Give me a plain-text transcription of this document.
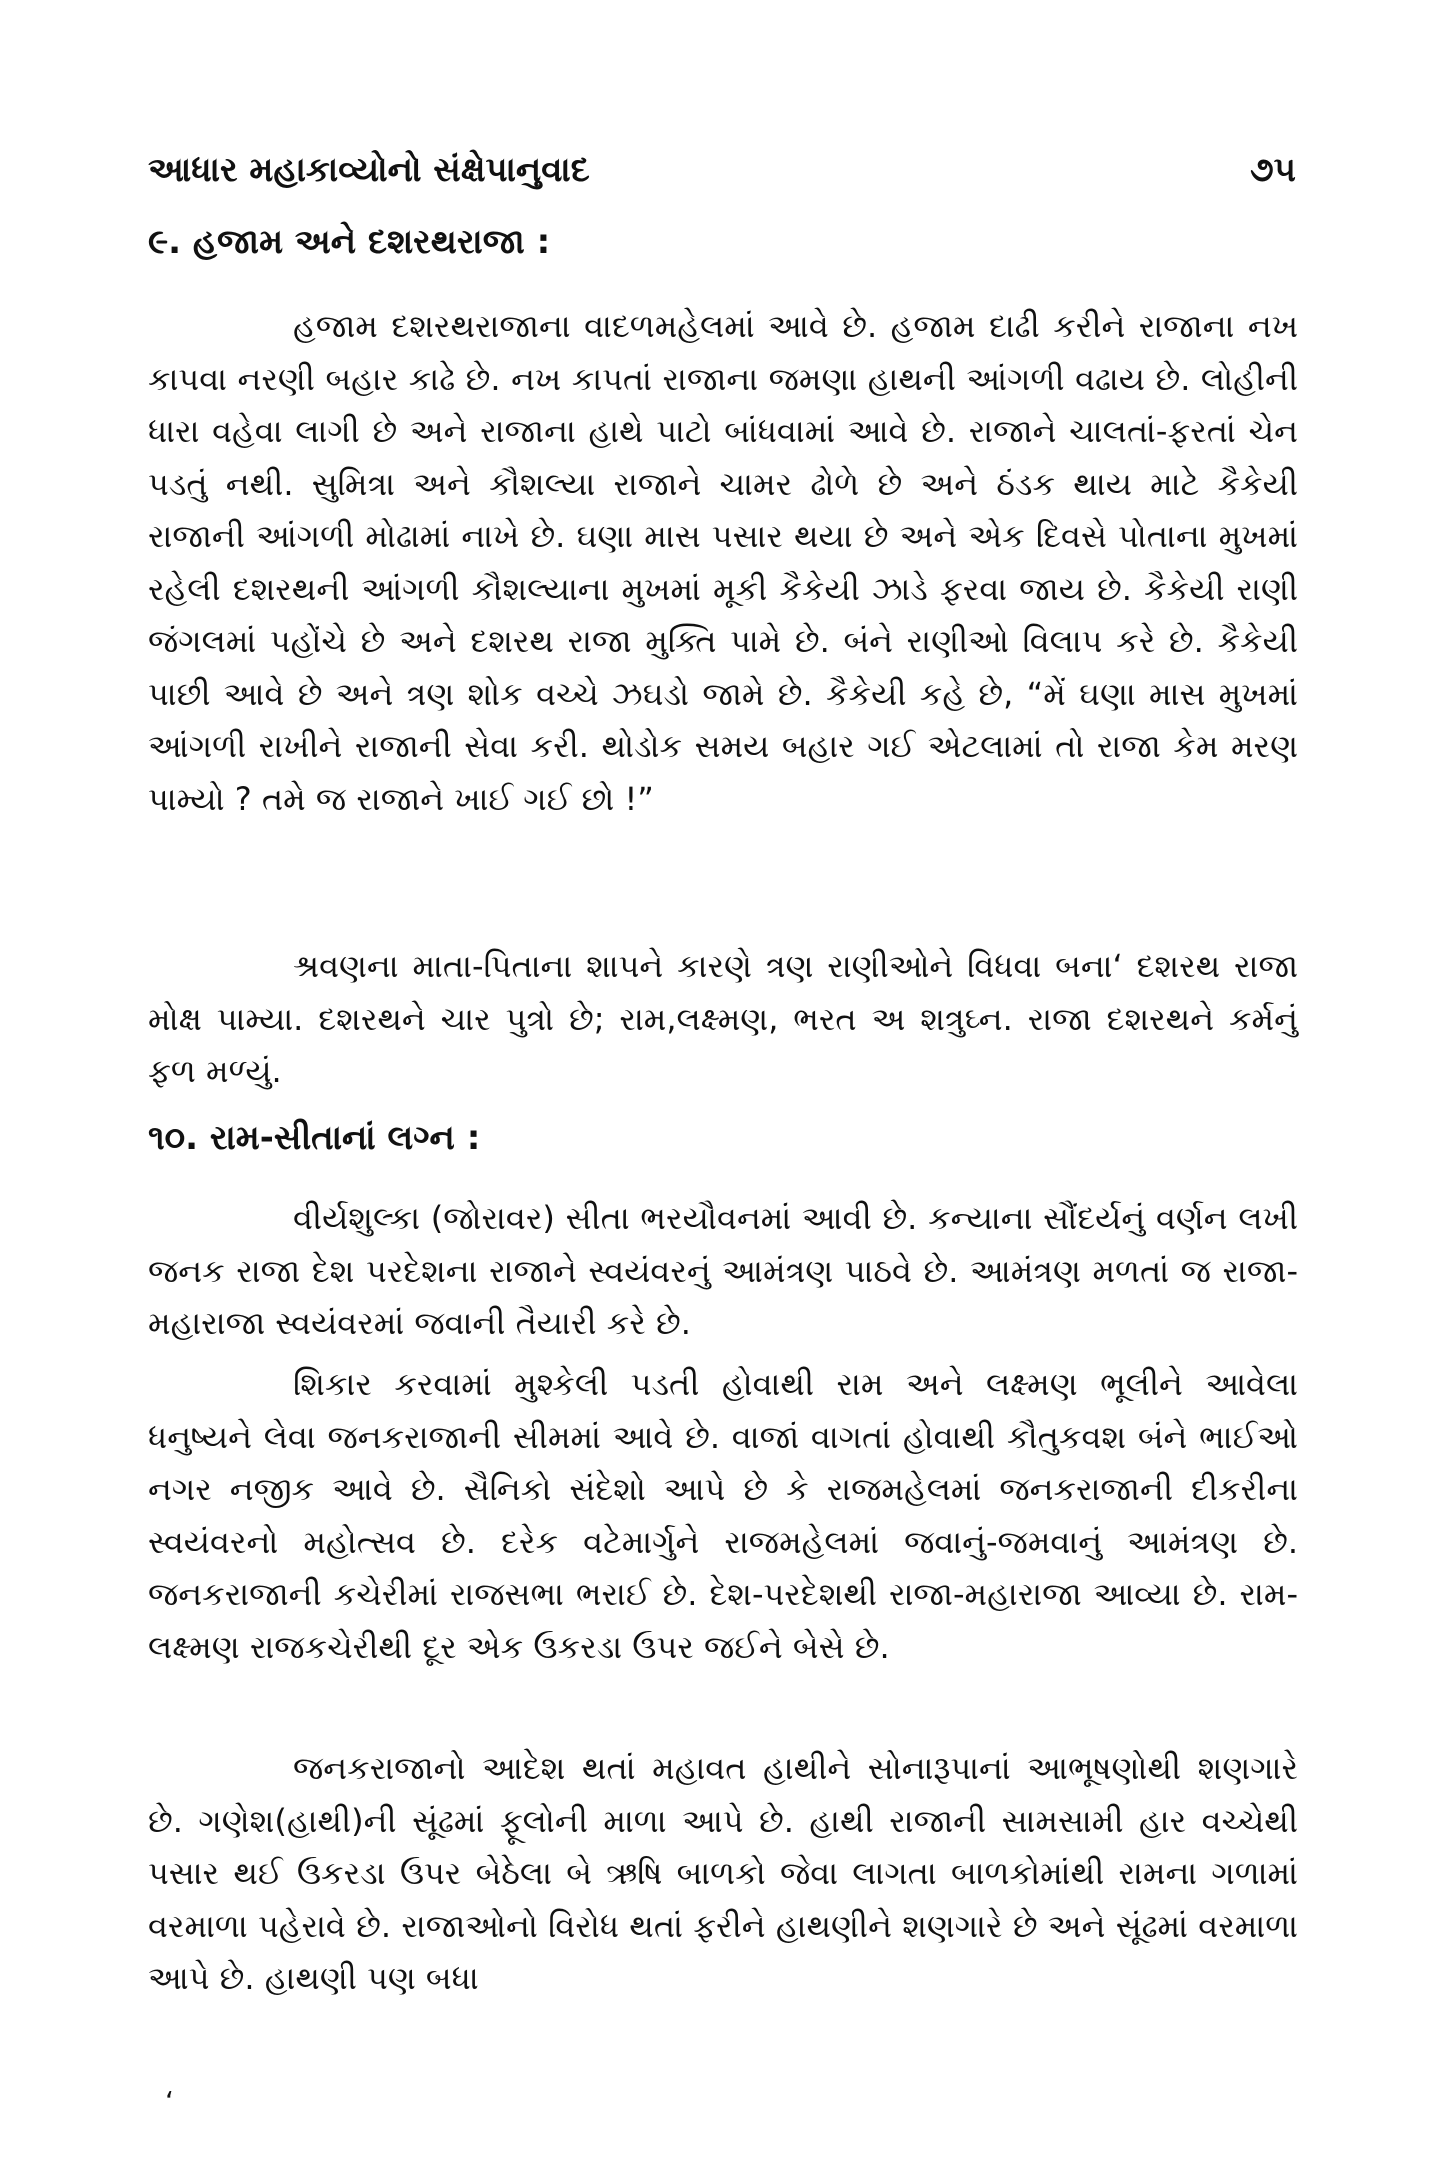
આધાર મહાકાવ્યોનો સંક્ષેપાનુવાદ	૭૫
૯. હજામ અને દશરથરાજા :

હજામ દશરથરાજાના વાદળમહેલમાં આવે છે. હજામ દાઢી કરીને રાજાના નખ કાપવા નરણી બહાર કાઢે છે. નખ કાપતાં રાજાના જમણા હાથની આંગળી વઢાય છે. લોહીની ધારા વહેવા લાગી છે અને રાજાના હાથે પાટો બાંધવામાં આવે છે. રાજાને ચાલતાં-ફરતાં ચેન પડતું નથી. સુમિત્રા અને કૌશલ્યા રાજાને ચામર ઢોળે છે અને ઠંડક થાય માટે કૈકેયી રાજાની આંગળી મોઢામાં નાખે છે. ઘણા માસ પસાર થયા છે અને એક દિવસે પોતાના મુખમાં રહેલી દશરથની આંગળી કૌશલ્યાના મુખમાં મૂકી કૈકેયી ઝાડે ફરવા જાય છે. કૈકેયી રાણી જંગલમાં પહોંચે છે અને દશરથ રાજા મુક્તિ પામે છે. બંને રાણીઓ વિલાપ કરે છે. કૈકેયી પાછી આવે છે અને ત્રણ શોક વચ્ચે ઝઘડો જામે છે. કૈકેયી કહે છે, “મેં ઘણા માસ મુખમાં આંગળી રાખીને રાજાની સેવા કરી. થોડોક સમય બહાર ગઈ એટલામાં તો રાજા કેમ મરણ પામ્યો ? તમે જ રાજાને ખાઈ ગઈ છો !”

શ્રવણના માતા-પિતાના શાપને કારણે ત્રણ રાણીઓને વિધવા બના‘ દશરથ રાજા મોક્ષ પામ્યા. દશરથને ચાર પુત્રો છે; રામ,લક્ષ્મણ, ભરત અ શત્રુઘ્ન. રાજા દશરથને કર્મનું ફળ મળ્યું.

૧૦. રામ-સીતાનાં લગ્ન :

વીર્યશુલ્કા (જોરાવર) સીતા ભરયૌવનમાં આવી છે. કન્યાના સૌંદર્યનું વર્ણન લખી જનક રાજા દેશ પરદેશના રાજાને સ્વયંવરનું આમંત્રણ પાઠવે છે. આમંત્રણ મળતાં જ રાજા-મહારાજા સ્વયંવરમાં જવાની તૈયારી કરે છે.

શિકાર કરવામાં મુશ્કેલી પડતી હોવાથી રામ અને લક્ષ્મણ ભૂલીને આવેલા ધનુષ્યને લેવા જનકરાજાની સીમમાં આવે છે. વાજાં વાગતાં હોવાથી કૌતુકવશ બંને ભાઈઓ નગર નજીક આવે છે. સૈનિકો સંદેશો આપે છે કે રાજમહેલમાં જનકરાજાની દીકરીના સ્વયંવરનો મહોત્સવ છે. દરેક વટેમાર્ગુને રાજમહેલમાં જવાનું-જમવાનું આમંત્રણ છે. જનકરાજાની કચેરીમાં રાજસભા ભરાઈ છે. દેશ-પરદેશથી રાજા-મહારાજા આવ્યા છે. રામ-લક્ષ્મણ રાજકચેરીથી દૂર એક ઉકરડા ઉપર જઈને બેસે છે.

જનકરાજાનો આદેશ થતાં મહાવત હાથીને સોનારૂપાનાં આભૂષણોથી શણગારે છે. ગણેશ(હાથી)ની સૂંઢમાં ફૂલોની માળા આપે છે. હાથી રાજાની સામસામી હાર વચ્ચેથી પસાર થઈ ઉકરડા ઉપર બેઠેલા બે ઋષિ બાળકો જેવા લાગતા બાળકોમાંથી રામના ગળામાં વરમાળા પહેરાવે છે. રાજાઓનો વિરોધ થતાં ફરીને હાથણીને શણગારે છે અને સૂંઢમાં વરમાળા આપે છે. હાથણી પણ બધા

‘
